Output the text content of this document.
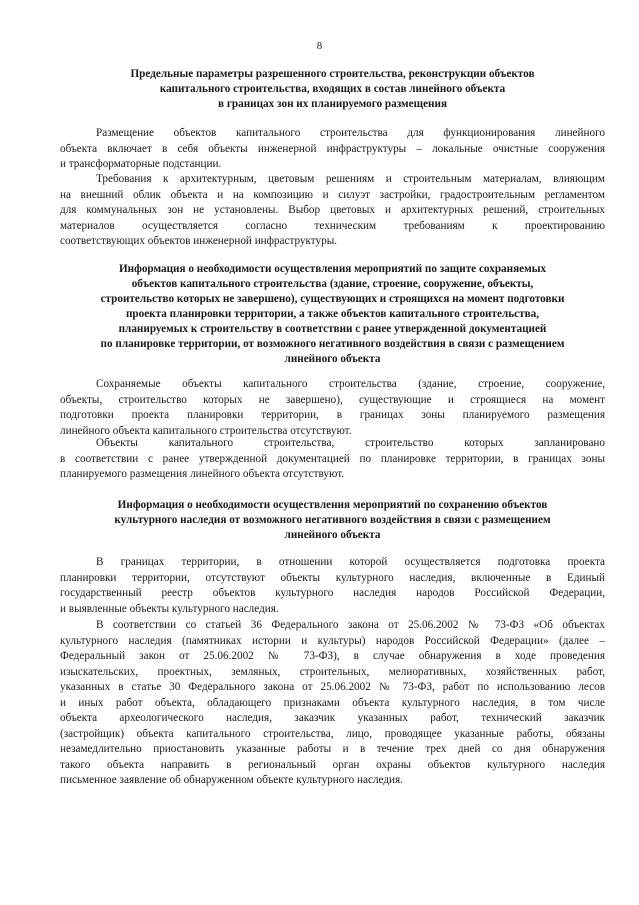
8
Предельные параметры разрешенного строительства, реконструкции объектов
капитального строительства, входящих в состав линейного объекта
в границах зон их планируемого размещения
Размещение объектов капитального строительства для функционирования линейного
объекта включает в себя объекты инженерной инфраструктуры – локальные очистные сооружения
и трансформаторные подстанции.
Требования к архитектурным, цветовым решениям и строительным материалам, влияющим
на внешний облик объекта и на композицию и силуэт застройки, градостроительным регламентом
для коммунальных зон не установлены. Выбор цветовых и архитектурных решений, строительных
материалов осуществляется согласно техническим требованиям к проектированию
соответствующих объектов инженерной инфраструктуры.
Информация о необходимости осуществления мероприятий по защите сохраняемых
объектов капитального строительства (здание, строение, сооружение, объекты,
строительство которых не завершено), существующих и строящихся на момент подготовки
проекта планировки территории, а также объектов капитального строительства,
планируемых к строительству в соответствии с ранее утвержденной документацией
по планировке территории, от возможного негативного воздействия в связи с размещением
линейного объекта
Сохраняемые объекты капитального строительства (здание, строение, сооружение,
объекты, строительство которых не завершено), существующие и строящиеся на момент
подготовки проекта планировки территории, в границах зоны планируемого размещения
линейного объекта капитального строительства отсутствуют.
Объекты капитального строительства, строительство которых запланировано
в соответствии с ранее утвержденной документацией по планировке территории, в границах зоны
планируемого размещения линейного объекта отсутствуют.
Информация о необходимости осуществления мероприятий по сохранению объектов
культурного наследия от возможного негативного воздействия в связи с размещением
линейного объекта
В границах территории, в отношении которой осуществляется подготовка проекта
планировки территории, отсутствуют объекты культурного наследия, включенные в Единый
государственный реестр объектов культурного наследия народов Российской Федерации,
и выявленные объекты культурного наследия.
В соответствии со статьей 36 Федерального закона от 25.06.2002 № 73-ФЗ «Об объектах
культурного наследия (памятниках истории и культуры) народов Российской Федерации» (далее –
Федеральный закон от 25.06.2002 № 73-ФЗ), в случае обнаружения в ходе проведения
изыскательских, проектных, земляных, строительных, мелиоративных, хозяйственных работ,
указанных в статье 30 Федерального закона от 25.06.2002 № 73-ФЗ, работ по использованию лесов
и иных работ объекта, обладающего признаками объекта культурного наследия, в том числе
объекта археологического наследия, заказчик указанных работ, технический заказчик
(застройщик) объекта капитального строительства, лицо, проводящее указанные работы, обязаны
незамедлительно приостановить указанные работы и в течение трех дней со дня обнаружения
такого объекта направить в региональный орган охраны объектов культурного наследия
письменное заявление об обнаруженном объекте культурного наследия.
